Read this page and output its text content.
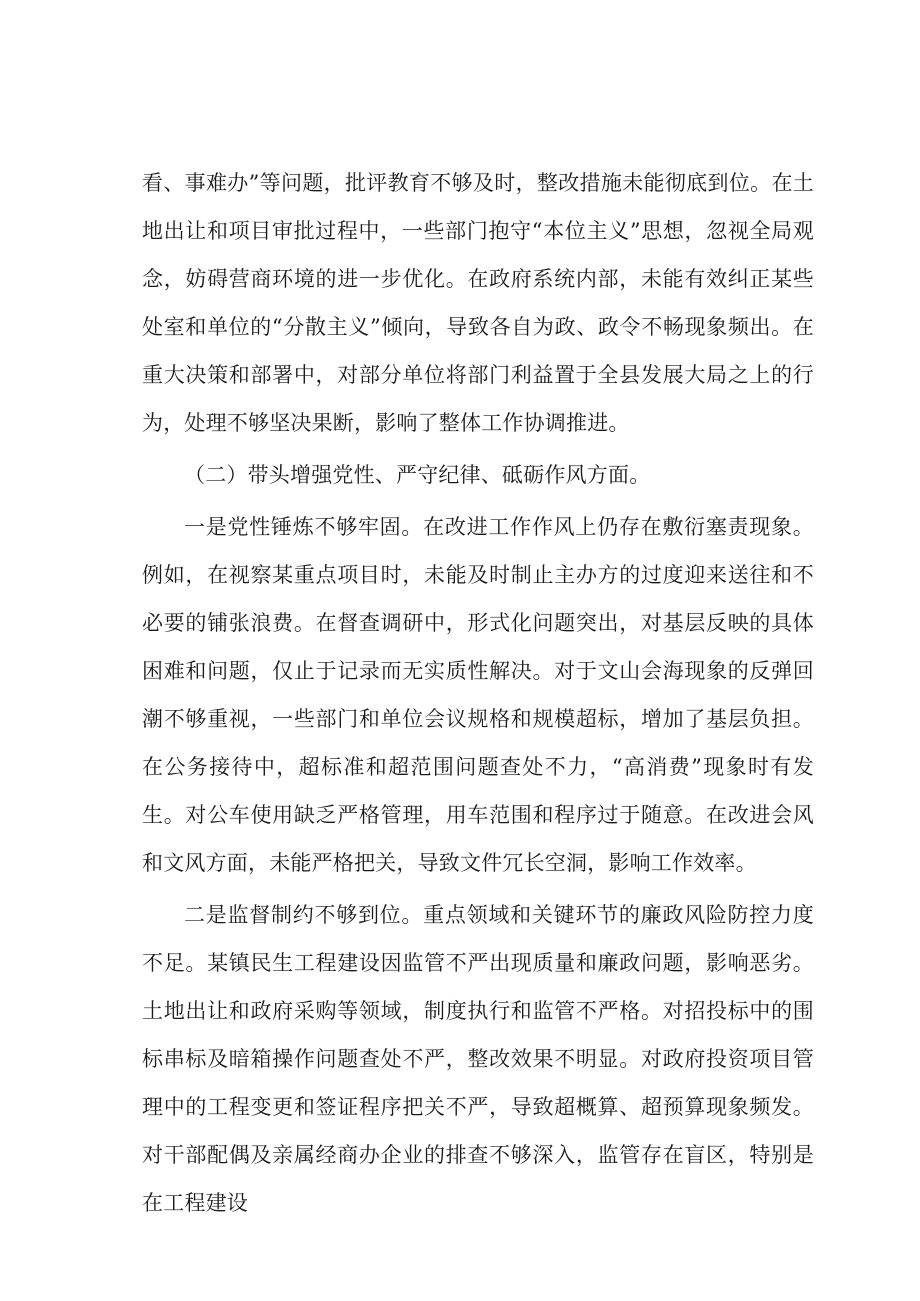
看、事难办”等问题，批评教育不够及时，整改措施未能彻底到位。在土地出让和项目审批过程中，一些部门抱守“本位主义”思想，忽视全局观念，妨碍营商环境的进一步优化。在政府系统内部，未能有效纠正某些处室和单位的“分散主义”倾向，导致各自为政、政令不畅现象频出。在重大决策和部署中，对部分单位将部门利益置于全县发展大局之上的行为，处理不够坚决果断，影响了整体工作协调推进。

（二）带头增强党性、严守纪律、砥砺作风方面。

一是党性锤炼不够牢固。在改进工作作风上仍存在敷衍塞责现象。例如，在视察某重点项目时，未能及时制止主办方的过度迎来送往和不必要的铺张浪费。在督查调研中，形式化问题突出，对基层反映的具体困难和问题，仅止于记录而无实质性解决。对于文山会海现象的反弹回潮不够重视，一些部门和单位会议规格和规模超标，增加了基层负担。在公务接待中，超标准和超范围问题查处不力，“高消费”现象时有发生。对公车使用缺乏严格管理，用车范围和程序过于随意。在改进会风和文风方面，未能严格把关，导致文件冗长空洞，影响工作效率。

二是监督制约不够到位。重点领域和关键环节的廉政风险防控力度不足。某镇民生工程建设因监管不严出现质量和廉政问题，影响恶劣。土地出让和政府采购等领域，制度执行和监管不严格。对招投标中的围标串标及暗箱操作问题查处不严，整改效果不明显。对政府投资项目管理中的工程变更和签证程序把关不严，导致超概算、超预算现象频发。对干部配偶及亲属经商办企业的排查不够深入，监管存在盲区，特别是在工程建设
